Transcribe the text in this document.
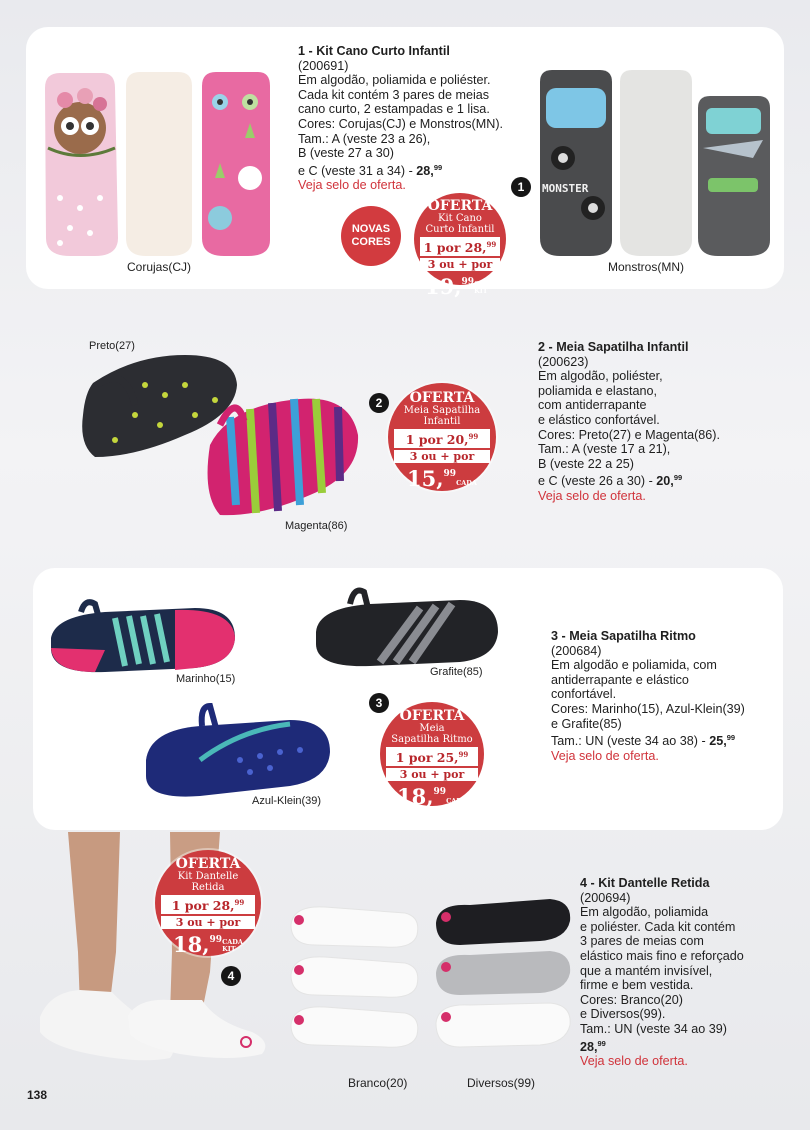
Corujas(CJ)
1 - Kit Cano Curto Infantil
(200691)
Em algodão, poliamida e poliéster.
Cada kit contém 3 pares de meias
cano curto, 2 estampadas e 1 lisa.
Cores: Corujas(CJ) e Monstros(MN).
Tam.: A (veste 23 a 26),
B (veste 27 a 30)
e C (veste 31 a 34) - 28,99
Veja selo de oferta.
NOVAS CORES
OFERTA
Kit Cano
Curto Infantil
1 por 28,99
3 ou + por
19,99CADA
KIT
1	MONSTER
Monstros(MN)
Preto(27)
Magenta(86)
2	OFERTA
Meia Sapatilha
Infantil
1 por 20,99
3 ou + por
15,99CADA
2 - Meia Sapatilha Infantil
(200623)
Em algodão, poliéster,
poliamida e elastano,
com antiderrapante
e elástico confortável.
Cores: Preto(27) e Magenta(86).
Tam.: A (veste 17 a 21),
B (veste 22 a 25)
e C (veste 26 a 30) - 20,99
Veja selo de oferta.
Marinho(15)
Grafite(85)
Azul-Klein(39)
3
OFERTA
Meia
Sapatilha Ritmo
1 por 25,99
3 ou + por
18,99CADA
3 - Meia Sapatilha Ritmo
(200684)
Em algodão e poliamida, com
antiderrapante e elástico
confortável.
Cores: Marinho(15), Azul-Klein(39)
e Grafite(85)
Tam.: UN (veste 34 ao 38) - 25,99
Veja selo de oferta.
OFERTA
Kit Dantelle
Retida
1 por 28,99
3 ou + por
18,99CADA
KIT
4
Branco(20)	Diversos(99)
4 - Kit Dantelle Retida
(200694)
Em algodão, poliamida
e poliéster. Cada kit contém
3 pares de meias com
elástico mais fino e reforçado
que a mantém invisível,
firme e bem vestida.
Cores: Branco(20)
e Diversos(99).
Tam.: UN (veste 34 ao 39)
28,99
Veja selo de oferta.
138
